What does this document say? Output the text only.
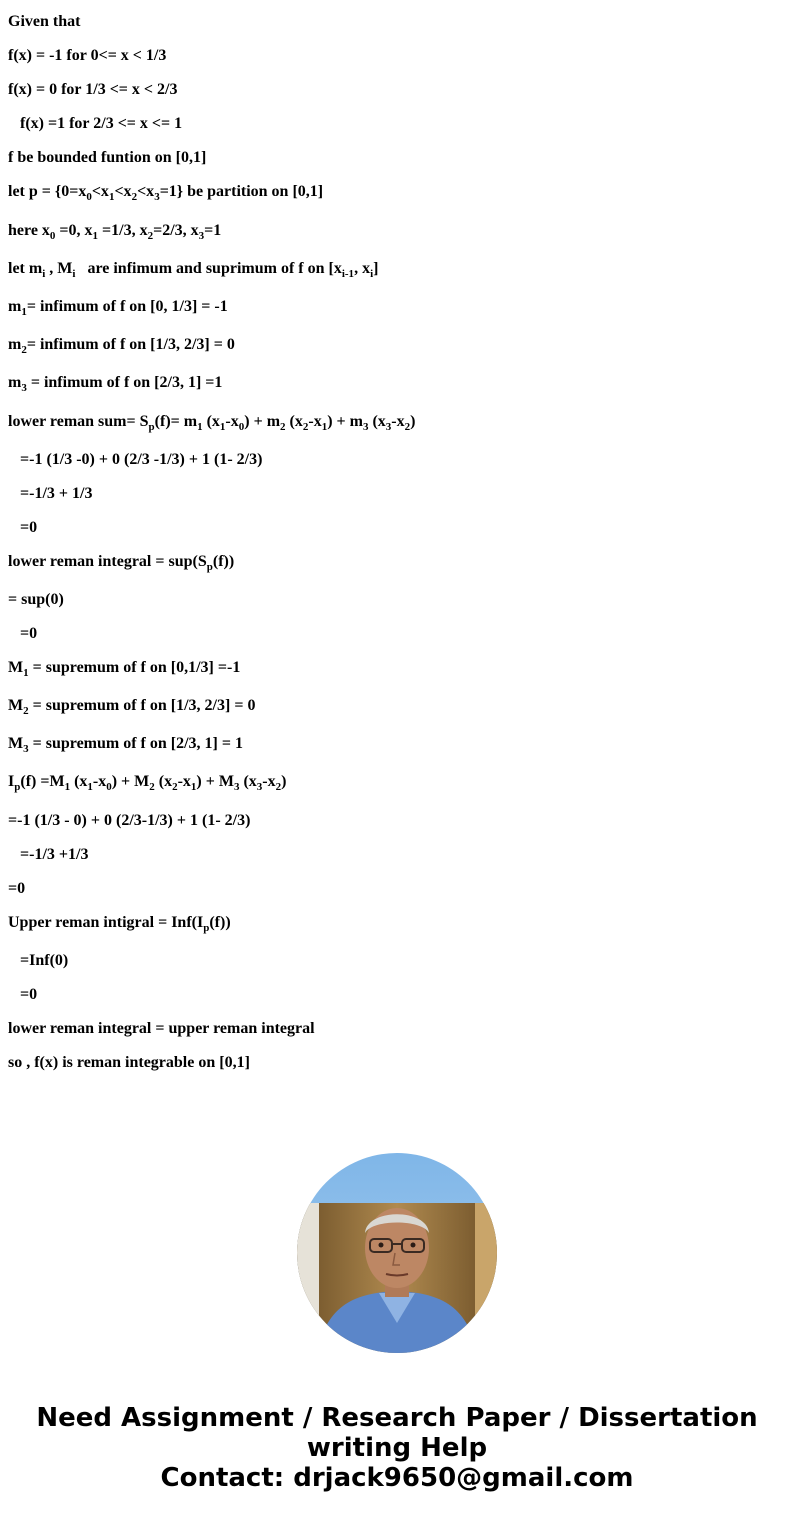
Given that
f(x) = -1 for 0<= x < 1/3
f(x) = 0 for 1/3 <= x < 2/3
f(x) =1 for 2/3 <= x <= 1
f be bounded funtion on [0,1]
let $p = \{0=x_0<x_1<x_2<x_3=1\}$ be partition on [0,1]
here $x_0 =0$, $x_1 =1/3$, $x_2=2/3$, $x_3=1$
let $m_i$ , $M_i$   are infimum and suprimum of f on [$x_{i-1}$, $x_i$]
$m_1=$ infimum of f on [0, 1/3] = -1
$m_2=$ infimum of f on [1/3, 2/3] = 0
$m_3$ = infimum of f on [2/3, 1] =1
lower reman $sum= S_p(f)= m_1$ $(x_1-x_0) + m_2$ $(x_2-x_1) + m_3$ $(x_3-x_2)$
=-1 (1/3 -0) + 0 (2/3 -1/3) + 1 (1- 2/3)
=-1/3 + 1/3
=0
lower reman integral = $sup(S_p(f))$
= sup(0)
=0
$M_1$ = supremum of f on [0,1/3] =-1
$M_2$ = supremum of f on [1/3, 2/3] = 0
$M_3$ = supremum of f on [2/3, 1] = 1
$I_p(f) =M_1$ $(x_1-x_0) + M_2$ $(x_2-x_1) + M_3$ $(x_3-x_2)$
=-1 (1/3 - 0) + 0 (2/3-1/3) + 1 (1- 2/3)
=-1/3 +1/3
=0
Upper reman intigral = $Inf(I_p(f))$
=Inf(0)
=0
lower reman integral = upper reman integral
so , f(x) is reman integrable on [0,1]
Need Assignment / Research Paper / Dissertation
writing Help
Contact: drjack9650@gmail.com
